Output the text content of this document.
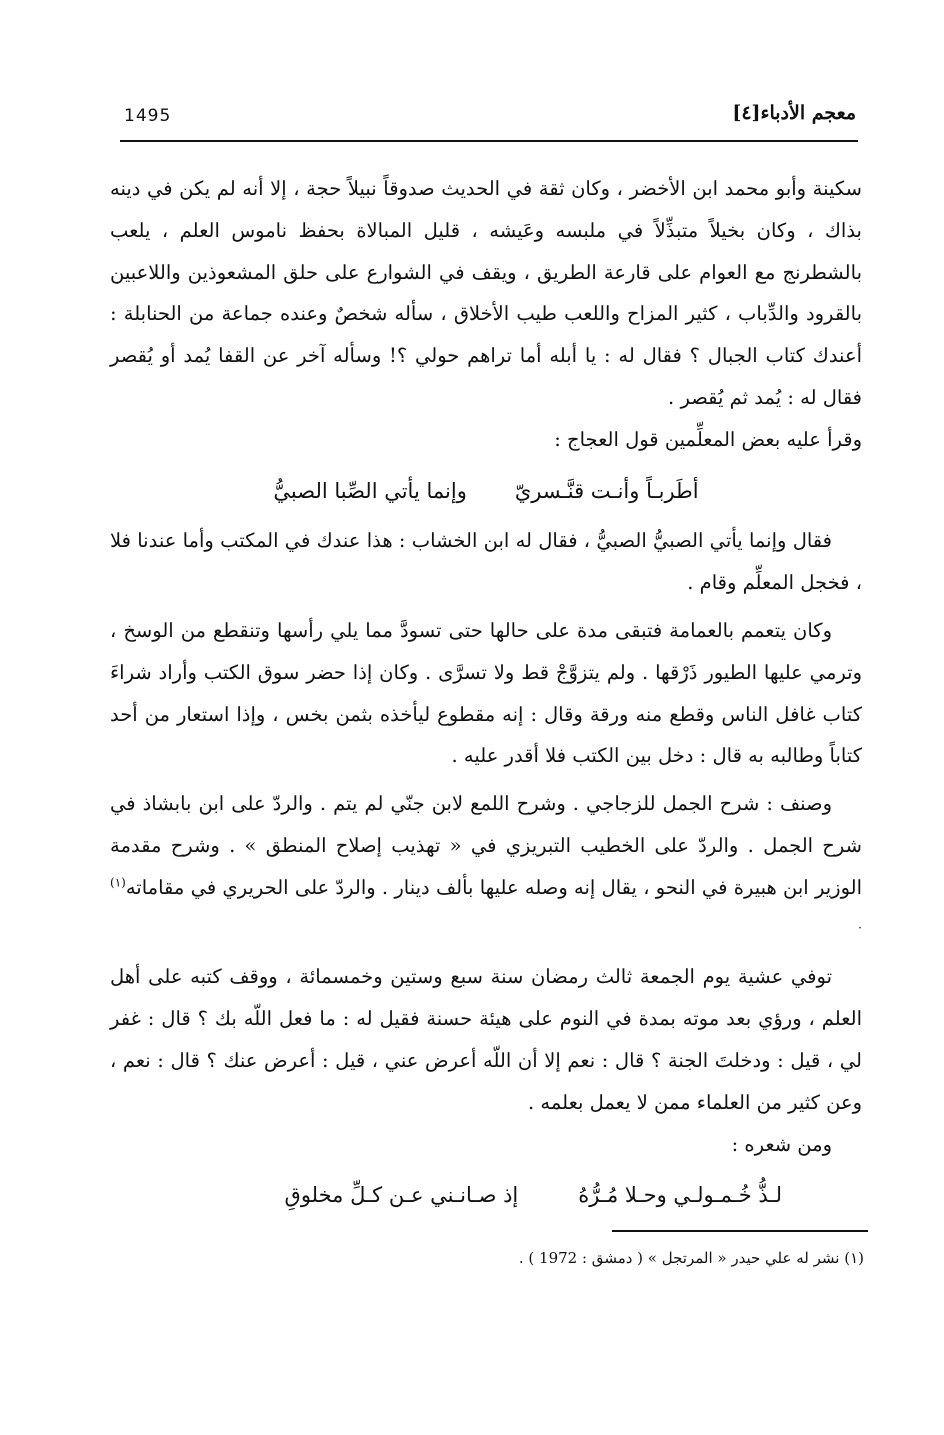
معجم الأدباء[٤]
1495

سكينة وأبو محمد ابن الأخضر ، وكان ثقة في الحديث صدوقاً نبيلاً حجة ، إلا أنه لم يكن في دينه بذاك ، وكان بخيلاً متبذِّلاً في ملبسه وعَيشه ، قليل المبالاة بحفظ ناموس العلم ، يلعب بالشطرنج مع العوام على قارعة الطريق ، ويقف في الشوارع على حلق المشعوذين واللاعبين بالقرود والدِّباب ، كثير المزاح واللعب طيب الأخلاق ، سأله شخصٌ وعنده جماعة من الحنابلة : أعندك كتاب الجبال ؟ فقال له : يا أبله أما تراهم حولي ؟! وسأله آخر عن القفا يُمد أو يُقصر فقال له : يُمد ثم يُقصر .

وقرأ عليه بعض المعلِّمين قول العجاج :

أطَربـاً وأنـت قنَّـسريّ
وإنما يأتي الصِّبا الصبيُّ

فقال وإنما يأتي الصبيُّ الصبيُّ ، فقال له ابن الخشاب : هذا عندك في المكتب وأما عندنا فلا ، فخجل المعلِّم وقام .

وكان يتعمم بالعمامة فتبقى مدة على حالها حتى تسودَّ مما يلي رأسها وتنقطع من الوسخ ، وترمي عليها الطيور ذَرْقها . ولم يتزوَّجْ قط ولا تسرَّى . وكان إذا حضر سوق الكتب وأراد شراءَ كتاب غافل الناس وقطع منه ورقة وقال : إنه مقطوع ليأخذه بثمن بخس ، وإذا استعار من أحد كتاباً وطالبه به قال : دخل بين الكتب فلا أقدر عليه .

وصنف : شرح الجمل للزجاجي . وشرح اللمع لابن جنّي لم يتم . والردّ على ابن بابشاذ في شرح الجمل . والردّ على الخطيب التبريزي في « تهذيب إصلاح المنطق » . وشرح مقدمة الوزير ابن هبيرة في النحو ، يقال إنه وصله عليها بألف دينار . والردّ على الحريري في مقاماته$^{(١) .}$

توفي عشية يوم الجمعة ثالث رمضان سنة سبع وستين وخمسمائة ، ووقف كتبه على أهل العلم ، ورؤي بعد موته بمدة في النوم على هيئة حسنة فقيل له : ما فعل اللّه بك ؟ قال : غفر لي ، قيل : ودخلتَ الجنة ؟ قال : نعم إلا أن اللّه أعرض عني ، قيل : أعرض عنك ؟ قال : نعم ، وعن كثير من العلماء ممن لا يعمل بعلمه .

ومن شعره :

لـذُّ خُـمـولـي وحـلا مُـرُّهُ
إذ صـانـني عـن كـلِّ مخلوقِ
(١) نشر له علي حيدر « المرتجل » ( دمشق : 1972 ) .
